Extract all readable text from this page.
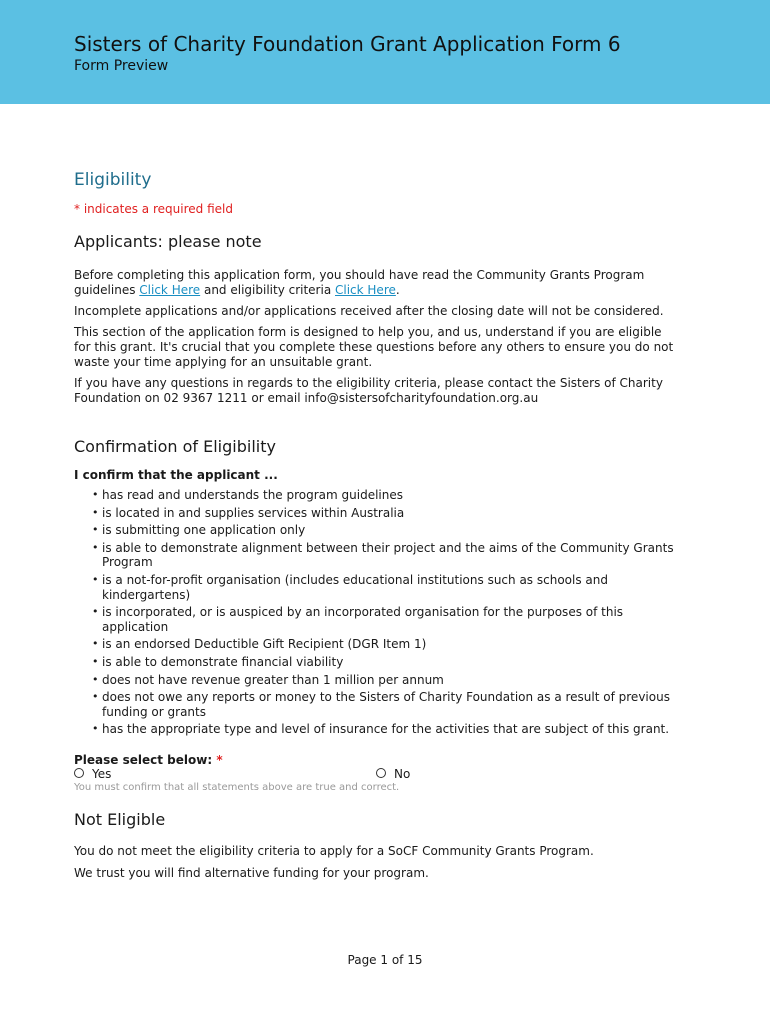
Sisters of Charity Foundation Grant Application Form 6
Form Preview
Eligibility
* indicates a required field
Applicants: please note

Before completing this application form, you should have read the Community Grants Program guidelines Click Here and eligibility criteria Click Here.

Incomplete applications and/or applications received after the closing date will not be considered.

This section of the application form is designed to help you, and us, understand if you are eligible for this grant. It's crucial that you complete these questions before any others to ensure you do not waste your time applying for an unsuitable grant.

If you have any questions in regards to the eligibility criteria, please contact the Sisters of Charity Foundation on 02 9367 1211 or email info@sistersofcharityfoundation.org.au

Confirmation of Eligibility
I confirm that the applicant ...
• has read and understands the program guidelines
• is located in and supplies services within Australia
• is submitting one application only
• is able to demonstrate alignment between their project and the aims of the Community Grants Program
• is a not-for-profit organisation (includes educational institutions such as schools and kindergartens)
• is incorporated, or is auspiced by an incorporated organisation for the purposes of this application
• is an endorsed Deductible Gift Recipient (DGR Item 1)
• is able to demonstrate financial viability
• does not have revenue greater than 1 million per annum
• does not owe any reports or money to the Sisters of Charity Foundation as a result of previous funding or grants
• has the appropriate type and level of insurance for the activities that are subject of this grant.
Please select below: *
Yes	No
You must confirm that all statements above are true and correct.
Not Eligible

You do not meet the eligibility criteria to apply for a SoCF Community Grants Program.

We trust you will find alternative funding for your program.

Page 1 of 15
